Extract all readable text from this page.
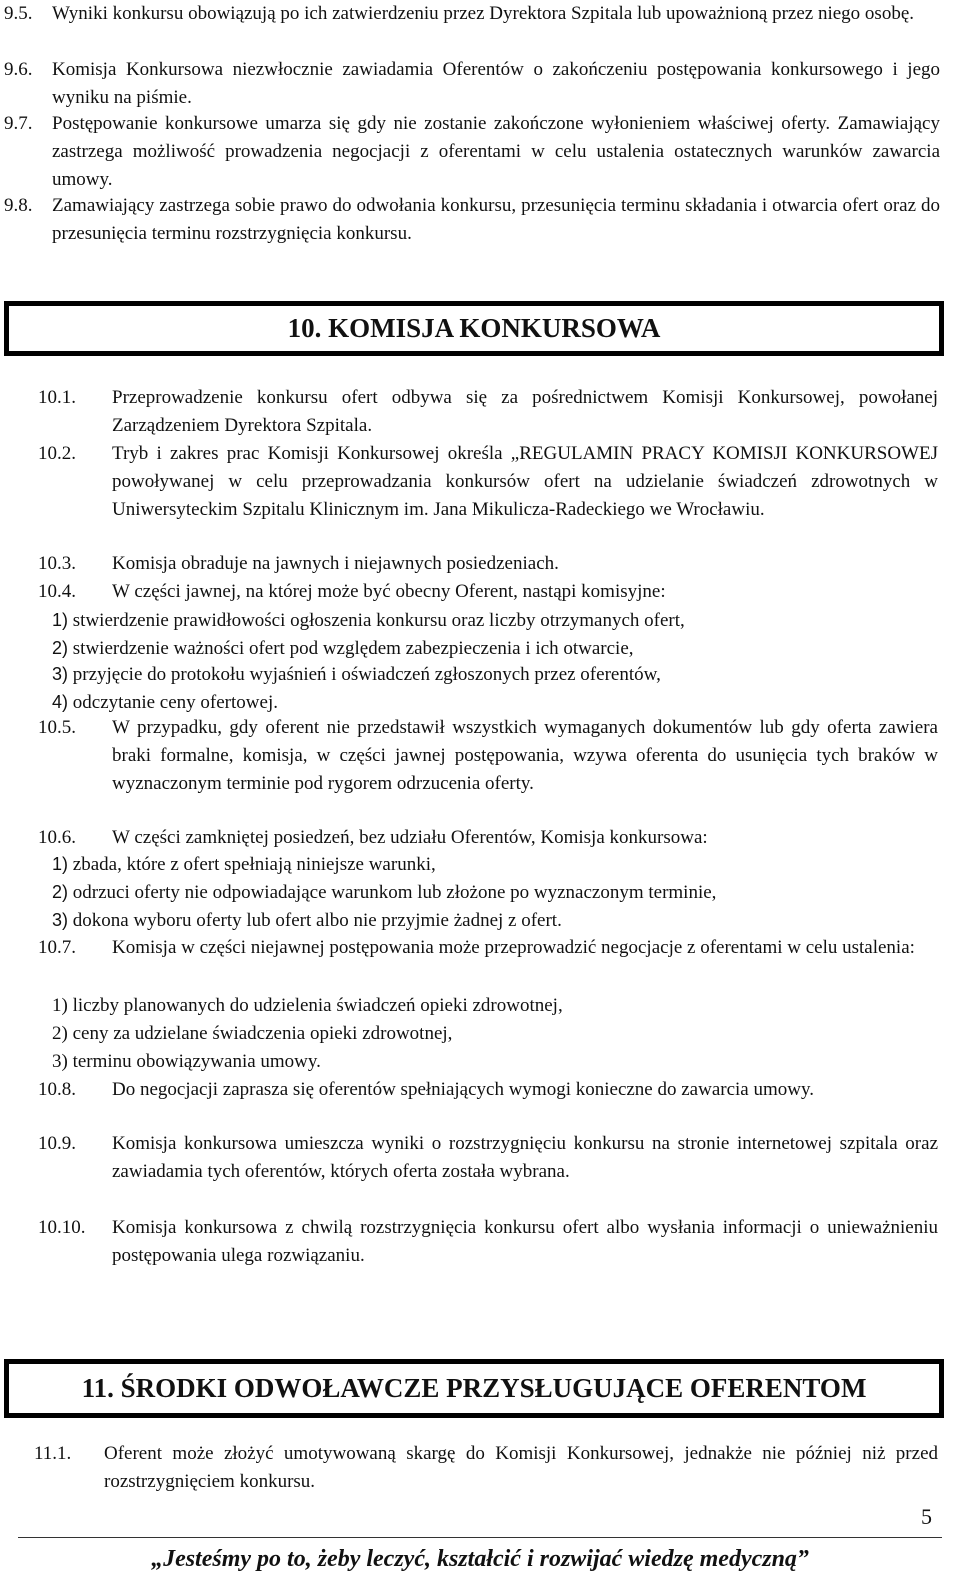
9.5.	Wyniki konkursu obowiązują po ich zatwierdzeniu przez Dyrektora Szpitala lub upoważnioną przez niego osobę.
9.6.	Komisja Konkursowa niezwłocznie zawiadamia Oferentów o zakończeniu postępowania konkursowego i jego wyniku na piśmie.
9.7.	Postępowanie konkursowe umarza się gdy nie zostanie zakończone wyłonieniem właściwej oferty. Zamawiający zastrzega możliwość prowadzenia negocjacji z oferentami w celu ustalenia ostatecznych warunków zawarcia umowy.
9.8.	Zamawiający zastrzega sobie prawo do odwołania konkursu, przesunięcia terminu składania i otwarcia ofert oraz do przesunięcia terminu rozstrzygnięcia konkursu.
10. KOMISJA KONKURSOWA
10.1.	Przeprowadzenie konkursu ofert odbywa się za pośrednictwem Komisji Konkursowej, powołanej Zarządzeniem Dyrektora Szpitala.
10.2.	Tryb i zakres prac Komisji Konkursowej określa „REGULAMIN PRACY KOMISJI KONKURSOWEJ powoływanej w celu przeprowadzania konkursów ofert na udzielanie świadczeń zdrowotnych w Uniwersyteckim Szpitalu Klinicznym im. Jana Mikulicza-Radeckiego we Wrocławiu.
10.3.	Komisja obraduje na jawnych i niejawnych posiedzeniach.
10.4.	W części jawnej, na której może być obecny Oferent, nastąpi komisyjne:
1) stwierdzenie prawidłowości ogłoszenia konkursu oraz liczby otrzymanych ofert,
2) stwierdzenie ważności ofert pod względem zabezpieczenia i ich otwarcie,
3) przyjęcie do protokołu wyjaśnień i oświadczeń zgłoszonych przez oferentów,
4) odczytanie ceny ofertowej.
10.5.	W przypadku, gdy oferent nie przedstawił wszystkich wymaganych dokumentów lub gdy oferta zawiera braki formalne, komisja, w części jawnej postępowania, wzywa oferenta do usunięcia tych braków w wyznaczonym terminie pod rygorem odrzucenia oferty.
10.6.	W części zamkniętej posiedzeń, bez udziału Oferentów, Komisja konkursowa:
1) zbada, które z ofert spełniają niniejsze warunki,
2) odrzuci oferty nie odpowiadające warunkom lub złożone po wyznaczonym terminie,
3) dokona wyboru oferty lub ofert albo nie przyjmie żadnej z ofert.
10.7.	Komisja w części niejawnej postępowania może przeprowadzić negocjacje z oferentami w celu ustalenia:
1) liczby planowanych do udzielenia świadczeń opieki zdrowotnej,
2) ceny za udzielane świadczenia opieki zdrowotnej,
3) terminu obowiązywania umowy.
10.8.	Do negocjacji zaprasza się oferentów spełniających wymogi konieczne do zawarcia umowy.
10.9.	Komisja konkursowa umieszcza wyniki o rozstrzygnięciu konkursu na stronie internetowej szpitala oraz zawiadamia tych oferentów, których oferta została wybrana.
10.10.	Komisja konkursowa z chwilą rozstrzygnięcia konkursu ofert albo wysłania informacji o unieważnieniu postępowania ulega rozwiązaniu.
11. ŚRODKI ODWOŁAWCZE PRZYSŁUGUJĄCE OFERENTOM
11.1.	Oferent może złożyć umotywowaną skargę do Komisji Konkursowej, jednakże nie później niż przed rozstrzygnięciem konkursu.
5
„Jesteśmy po to, żeby leczyć, kształcić i rozwijać wiedzę medyczną”
